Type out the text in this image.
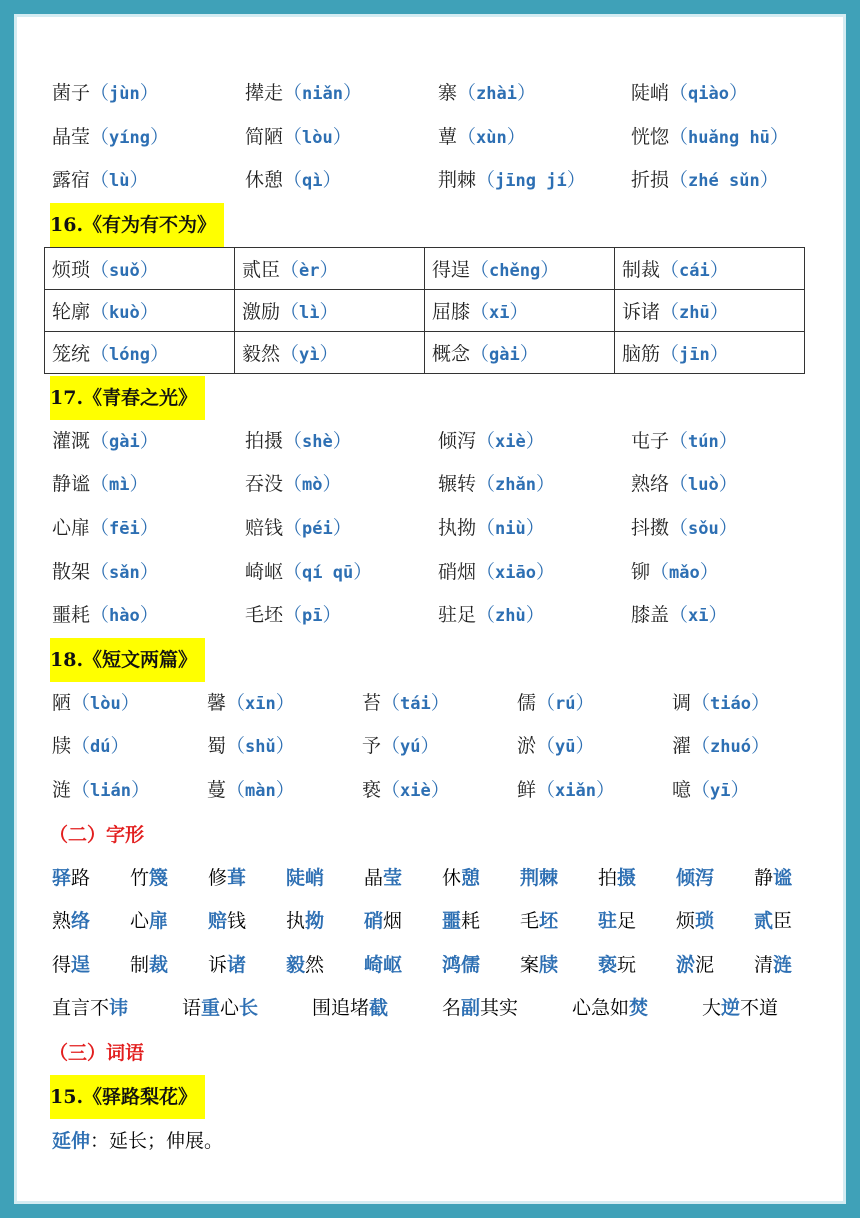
菌子（jùn）	撵走（niǎn）	寨（zhài）	陡峭（qiào）
晶莹（yíng）	简陋（lòu）	蕈（xùn）	恍惚（huǎng hū）
露宿（lù）	休憩（qì）	荆棘（jīng jí）	折损（zhé sǔn）
16.《有为有不为》
烦琐（suǒ）	贰臣（èr）	得逞（chěng）	制裁（cái）
轮廓（kuò）	激励（lì）	屈膝（xī）	诉诸（zhū）
笼统（lóng）	毅然（yì）	概念（gài）	脑筋（jīn）
17.《青春之光》
灌溉（gài）	拍摄（shè）	倾泻（xiè）	屯子（tún）
静谧（mì）	吞没（mò）	辗转（zhǎn）	熟络（luò）
心扉（fēi）	赔钱（péi）	执拗（niù）	抖擞（sǒu）
散架（sǎn）	崎岖（qí qū）	硝烟（xiāo）	铆（mǎo）
噩耗（hào）	毛坯（pī）	驻足（zhù）	膝盖（xī）
18.《短文两篇》
陋（lòu）	馨（xīn）	苔（tái）	儒（rú）	调（tiáo）
牍（dú）	蜀（shǔ）	予（yú）	淤（yū）	濯（zhuó）
涟（lián）	蔓（màn）	亵（xiè）	鲜（xiǎn）	噫（yī）
（二）字形
驿路	竹篾	修葺	陡峭	晶莹	休憩	荆棘	拍摄	倾泻	静谧
熟络	心扉	赔钱	执拗	硝烟	噩耗	毛坯	驻足	烦琐	贰臣
得逞	制裁	诉诸	毅然	崎岖	鸿儒	案牍	亵玩	淤泥	清涟
直言不讳	语重心长	围追堵截	名副其实	心急如焚	大逆不道
（三）词语
15.《驿路梨花》
延伸：延长；伸展。
